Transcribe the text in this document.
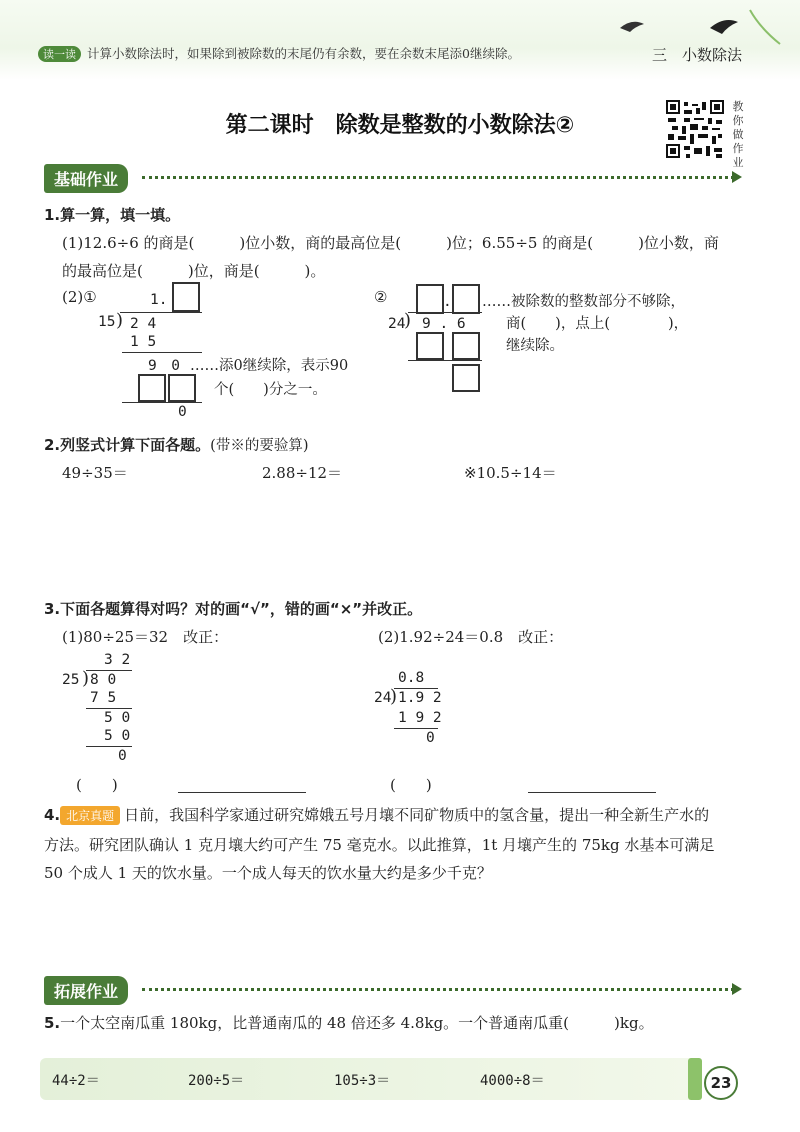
读一读 计算小数除法时，如果除到被除数的末尾仍有余数，要在余数末尾添0继续除。	三　 小数除法
第二课时　除数是整数的小数除法②
教你做作业
基础作业
1.算一算，填一填。
(1)12.6÷6 的商是(　　　)位小数，商的最高位是(　　　)位；6.55÷5 的商是(　　　)位小数，商
的最高位是(　　　)位，商是(　　　)。
(2)①	1.
15 ) 2 4
1 5
9　0 ……添0继续除，表示90
个(　　)分之一。
0
②	. ……被除数的整数部分不够除，
24
) 9 . 6	商(　　)，点上(　　　　)，
继续除。
2.列竖式计算下面各题。(带※的要验算)
49÷35＝	2.88÷12＝	※10.5÷14＝
3.下面各题算得对吗？对的画“√”，错的画“×”并改正。
(1)80÷25＝32　改正：	(2)1.92÷24＝0.8　改正：
3 2
25 ) 8 0
7 5
5 0
5 0
0
0.8
24
) 1.9 2
1 9 2
0
(　　)	(　　)
4. 北京真题 日前，我国科学家通过研究嫦娥五号月壤不同矿物质中的氢含量，提出一种全新生产水的
方法。研究团队确认 1 克月壤大约可产生 75 毫克水。以此推算，1t 月壤产生的 75kg 水基本可满足
50 个成人 1 天的饮水量。一个成人每天的饮水量大约是多少千克？
拓展作业
5.一个太空南瓜重 180kg，比普通南瓜的 48 倍还多 4.8kg。一个普通南瓜重(　　　)kg。
44÷2＝	200÷5＝	105÷3＝	4000÷8＝	23
